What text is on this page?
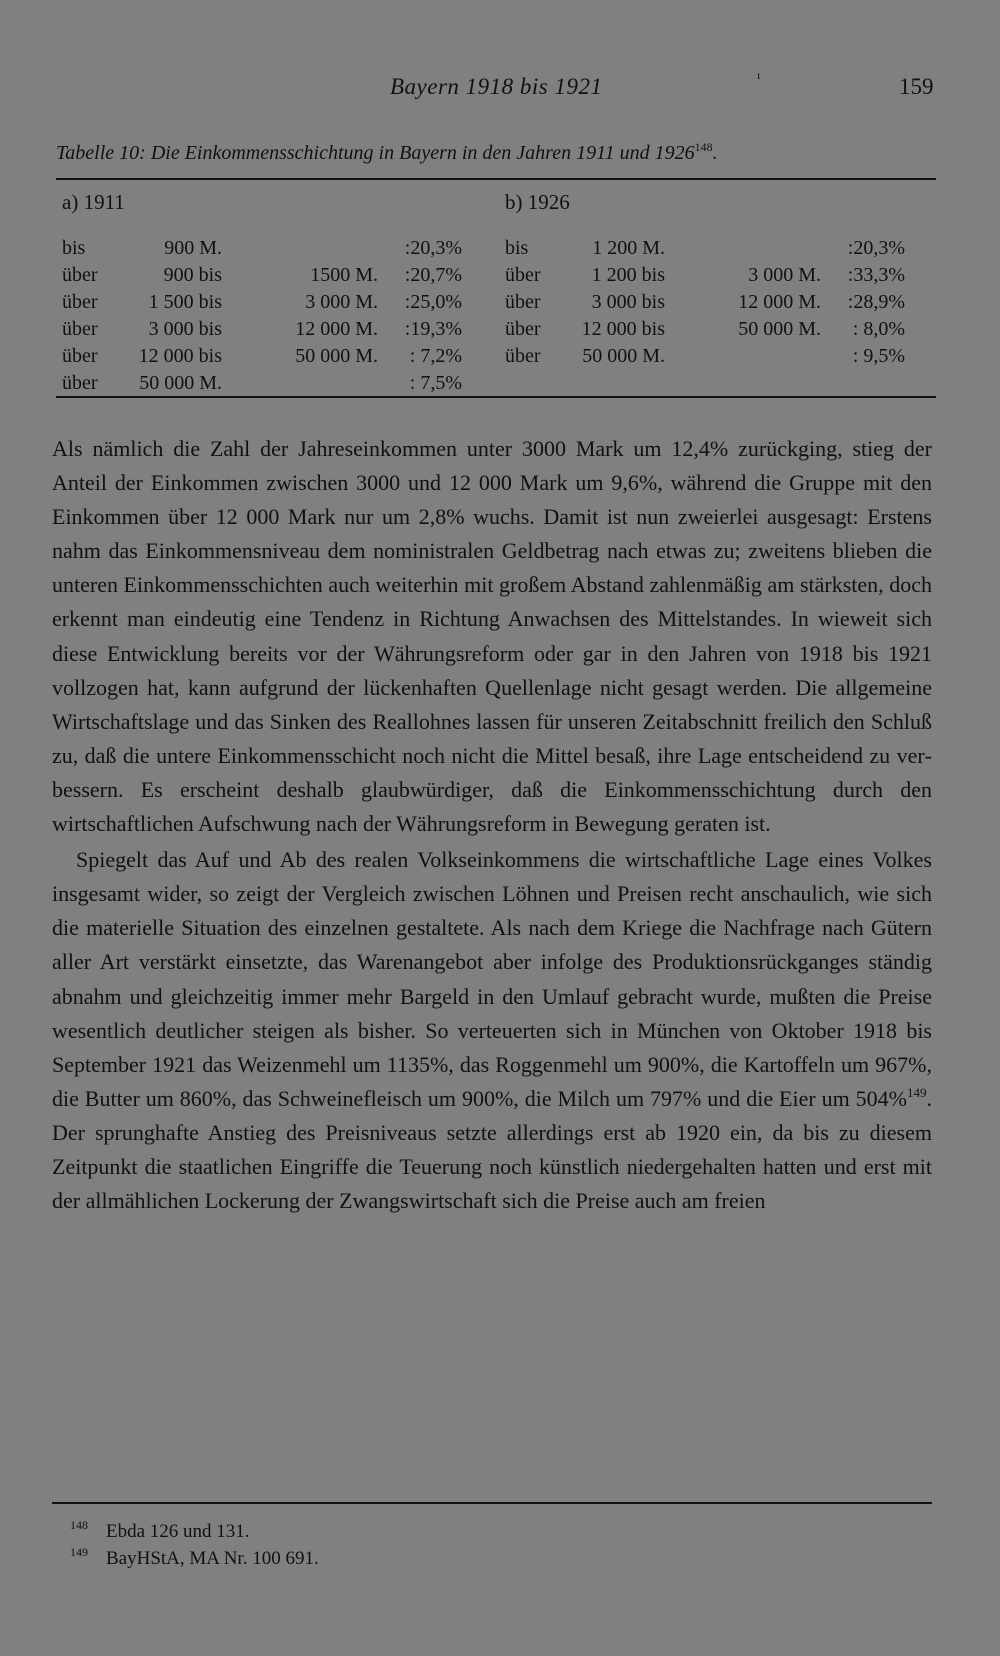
Bayern 1918 bis 1921	ı	159
Tabelle 10: Die Einkommensschichtung in Bayern in den Jahren 1911 und 1926$^{148}$.
a) 1911
bis	900 M.	:20,3%
über	900 bis	1500 M. :20,7%
über	1 500 bis	3 000 M. :25,0%
über	3 000 bis	12 000 M. :19,3%
über 12 000 bis	50 000 M. : 7,2%
über 50 000 M.	: 7,5%
b) 1926
bis	1 200 M.	:20,3%
über	1 200 bis	3 000 M. :33,3%
über	3 000 bis	12 000 M. :28,9%
über 12 000 bis	50 000 M. : 8,0%
über 50 000 M.	: 9,5%

Als nämlich die Zahl der Jahreseinkommen unter 3000 Mark um 12,4% zurückging, stieg der Anteil der Einkommen zwischen 3000 und 12 000 Mark um 9,6%, während die Gruppe mit den Einkommen über 12 000 Mark nur um 2,8% wuchs. Damit ist nun zweierlei ausgesagt: Erstens nahm das Einkommensniveau dem noministralen Geldbetrag nach etwas zu; zweitens blieben die unteren Einkommensschichten auch weiterhin mit großem Abstand zahlenmäßig am stärksten, doch erkennt man eindeutig eine Tendenz in Richtung Anwachsen des Mittelstandes. In wieweit sich diese Entwicklung bereits vor der Währungsreform oder gar in den Jahren von 1918 bis 1921 vollzogen hat, kann aufgrund der lückenhaften Quellenlage nicht gesagt werden. Die allgemeine Wirtschaftslage und das Sinken des Reallohnes lassen für unseren Zeitabschnitt freilich den Schluß zu, daß die untere Einkommensschicht noch nicht die Mittel besaß, ihre Lage entscheidend zu verbessern. Es erscheint deshalb glaubwürdiger, daß die Einkommensschichtung durch den wirtschaftlichen Aufschwung nach der Währungsreform in Bewegung geraten ist.

Spiegelt das Auf und Ab des realen Volkseinkommens die wirtschaftliche Lage eines Volkes insgesamt wider, so zeigt der Vergleich zwischen Löhnen und Preisen recht anschaulich, wie sich die materielle Situation des einzelnen gestaltete. Als nach dem Kriege die Nachfrage nach Gütern aller Art verstärkt einsetzte, das Warenangebot aber infolge des Produktionsrückganges ständig abnahm und gleichzeitig immer mehr Bargeld in den Umlauf gebracht wurde, mußten die Preise wesentlich deutlicher steigen als bisher. So verteuerten sich in München von Oktober 1918 bis September 1921 das Weizenmehl um 1135%, das Roggenmehl um 900%, die Kartoffeln um 967%, die Butter um 860%, das Schweinefleisch um 900%, die Milch um 797% und die Eier um 504%$^{149}$. Der sprunghafte Anstieg des Preisniveaus setzte allerdings erst ab 1920 ein, da bis zu diesem Zeitpunkt die staatlichen Eingriffe die Teuerung noch künstlich niedergehalten hatten und erst mit der allmählichen Lockerung der Zwangswirtschaft sich die Preise auch am freien

148 Ebda 126 und 131.
149 BayHStA, MA Nr. 100 691.
